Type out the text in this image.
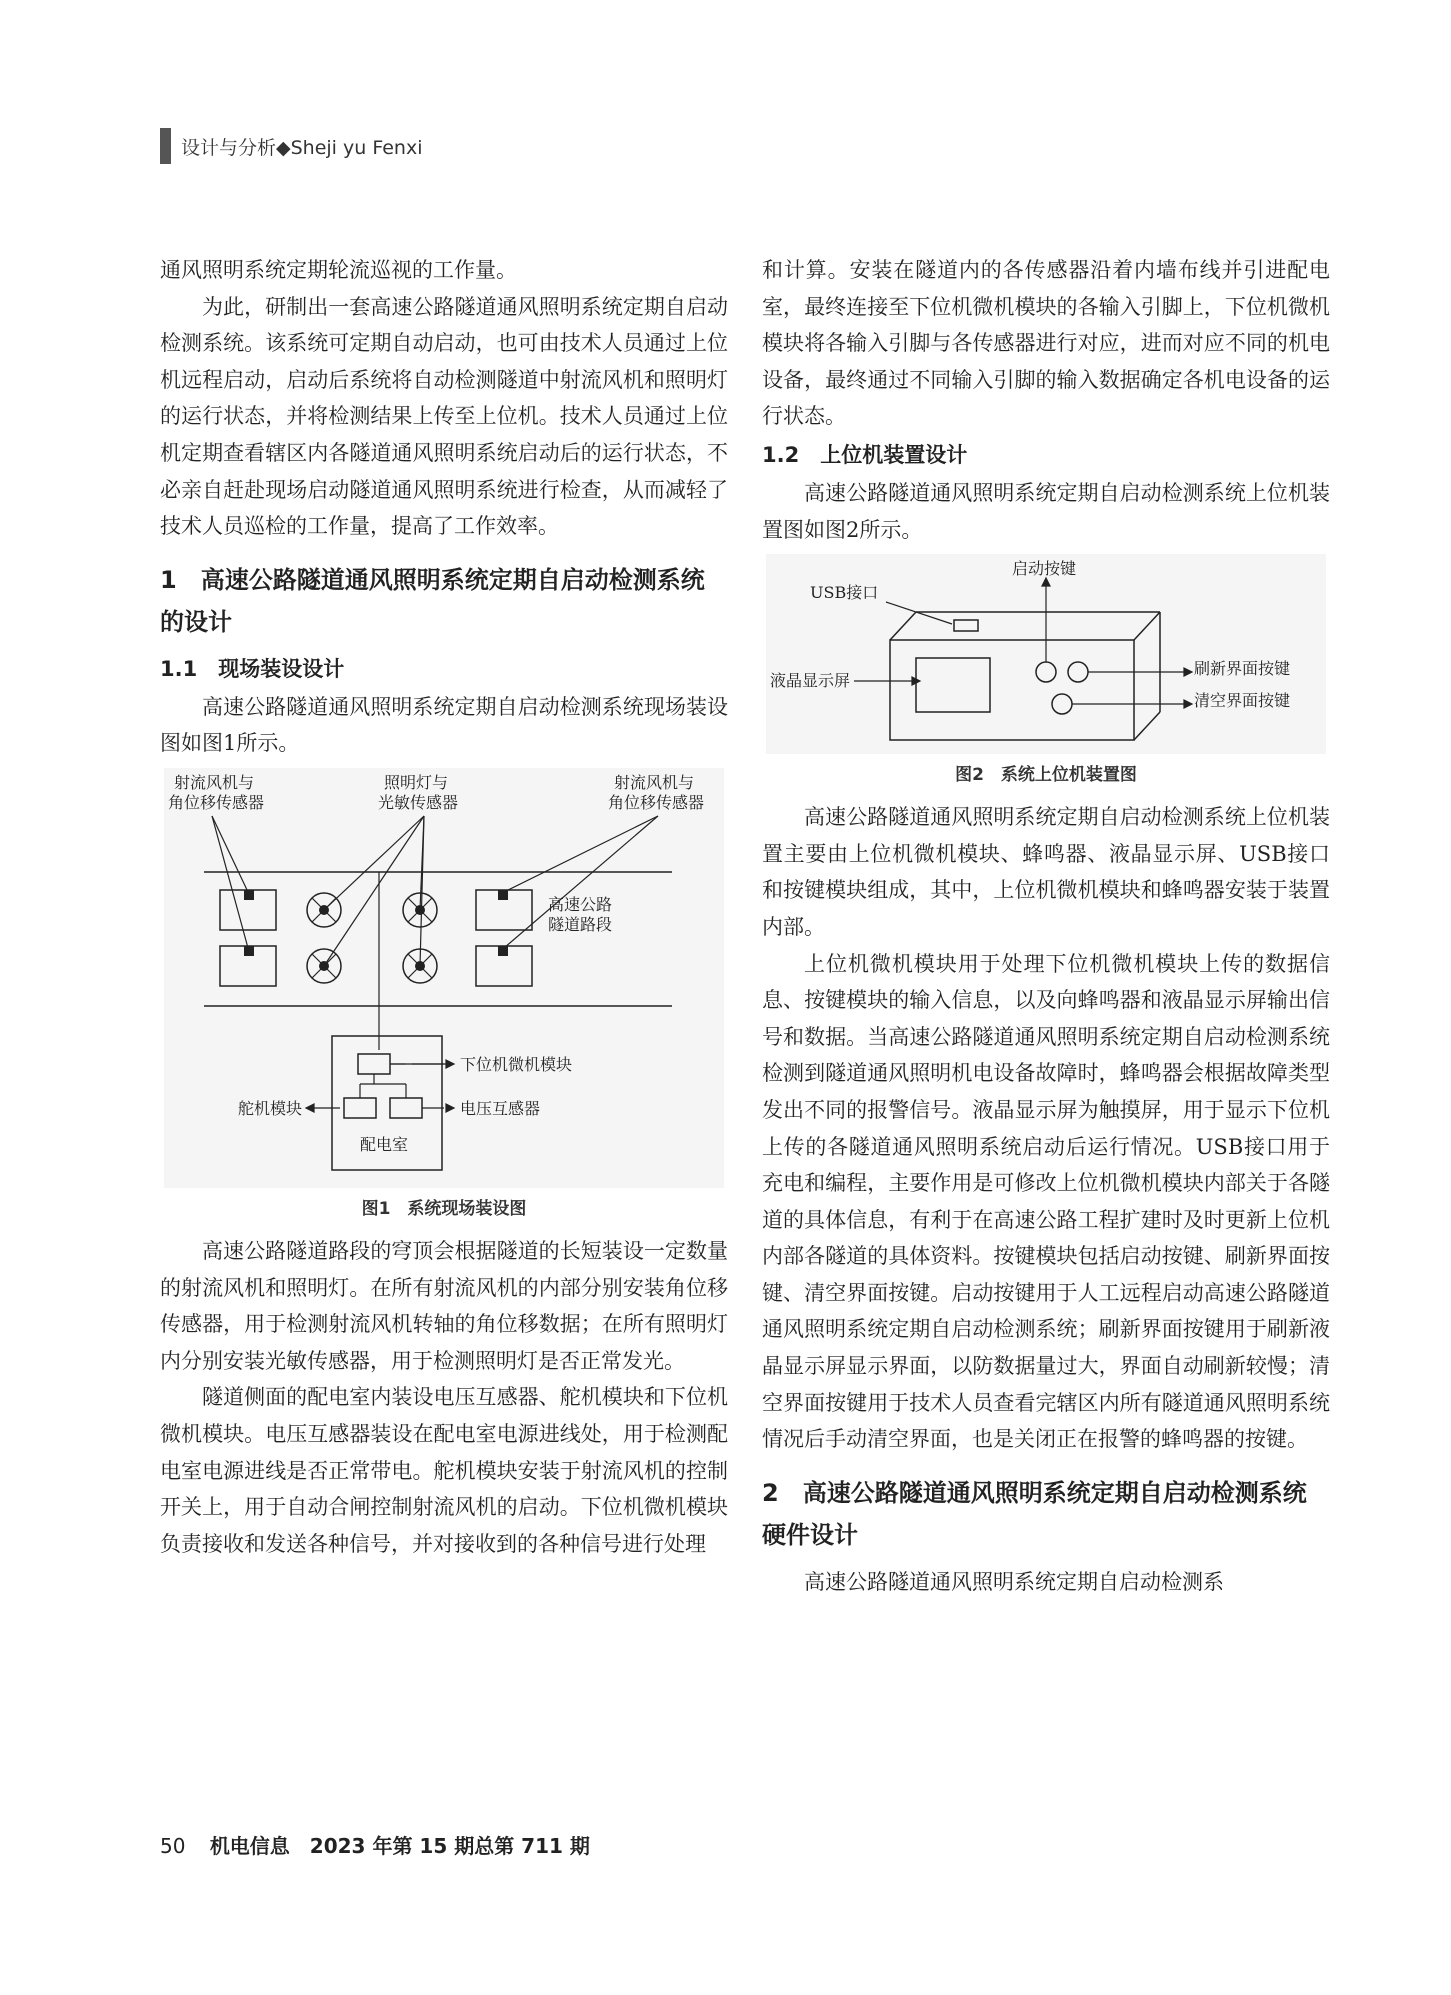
设计与分析◆Sheji yu Fenxi

通风照明系统定期轮流巡视的工作量。

为此，研制出一套高速公路隧道通风照明系统定期自启动检测系统。该系统可定期自动启动，也可由技术人员通过上位机远程启动，启动后系统将自动检测隧道中射流风机和照明灯的运行状态，并将检测结果上传至上位机。技术人员通过上位机定期查看辖区内各隧道通风照明系统启动后的运行状态，不必亲自赶赴现场启动隧道通风照明系统进行检查，从而减轻了技术人员巡检的工作量，提高了工作效率。

1　高速公路隧道通风照明系统定期自启动检测系统的设计
1.1　现场装设设计

高速公路隧道通风照明系统定期自启动检测系统现场装设图如图1所示。

射流风机与
角位移传感器
照明灯与
光敏传感器
射流风机与
角位移传感器
高速公路
隧道路段
下位机微机模块
舵机模块	电压互感器
配电室
图1　系统现场装设图

高速公路隧道路段的穹顶会根据隧道的长短装设一定数量的射流风机和照明灯。在所有射流风机的内部分别安装角位移传感器，用于检测射流风机转轴的角位移数据；在所有照明灯内分别安装光敏传感器，用于检测照明灯是否正常发光。

隧道侧面的配电室内装设电压互感器、舵机模块和下位机微机模块。电压互感器装设在配电室电源进线处，用于检测配电室电源进线是否正常带电。舵机模块安装于射流风机的控制开关上，用于自动合闸控制射流风机的启动。下位机微机模块负责接收和发送各种信号，并对接收到的各种信号进行处理

和计算。安装在隧道内的各传感器沿着内墙布线并引进配电室，最终连接至下位机微机模块的各输入引脚上，下位机微机模块将各输入引脚与各传感器进行对应，进而对应不同的机电设备，最终通过不同输入引脚的输入数据确定各机电设备的运行状态。

1.2　上位机装置设计

高速公路隧道通风照明系统定期自启动检测系统上位机装置图如图2所示。

启动按键
USB接口
液晶显示屏
刷新界面按键
清空界面按键
图2　系统上位机装置图

高速公路隧道通风照明系统定期自启动检测系统上位机装置主要由上位机微机模块、蜂鸣器、液晶显示屏、USB接口和按键模块组成，其中，上位机微机模块和蜂鸣器安装于装置内部。

上位机微机模块用于处理下位机微机模块上传的数据信息、按键模块的输入信息，以及向蜂鸣器和液晶显示屏输出信号和数据。当高速公路隧道通风照明系统定期自启动检测系统检测到隧道通风照明机电设备故障时，蜂鸣器会根据故障类型发出不同的报警信号。液晶显示屏为触摸屏，用于显示下位机上传的各隧道通风照明系统启动后运行情况。USB接口用于充电和编程，主要作用是可修改上位机微机模块内部关于各隧道的具体信息，有利于在高速公路工程扩建时及时更新上位机内部各隧道的具体资料。按键模块包括启动按键、刷新界面按键、清空界面按键。启动按键用于人工远程启动高速公路隧道通风照明系统定期自启动检测系统；刷新界面按键用于刷新液晶显示屏显示界面，以防数据量过大，界面自动刷新较慢；清空界面按键用于技术人员查看完辖区内所有隧道通风照明系统情况后手动清空界面，也是关闭正在报警的蜂鸣器的按键。

2　高速公路隧道通风照明系统定期自启动检测系统硬件设计

高速公路隧道通风照明系统定期自启动检测系

50 机电信息　2023 年第 15 期总第 711 期
